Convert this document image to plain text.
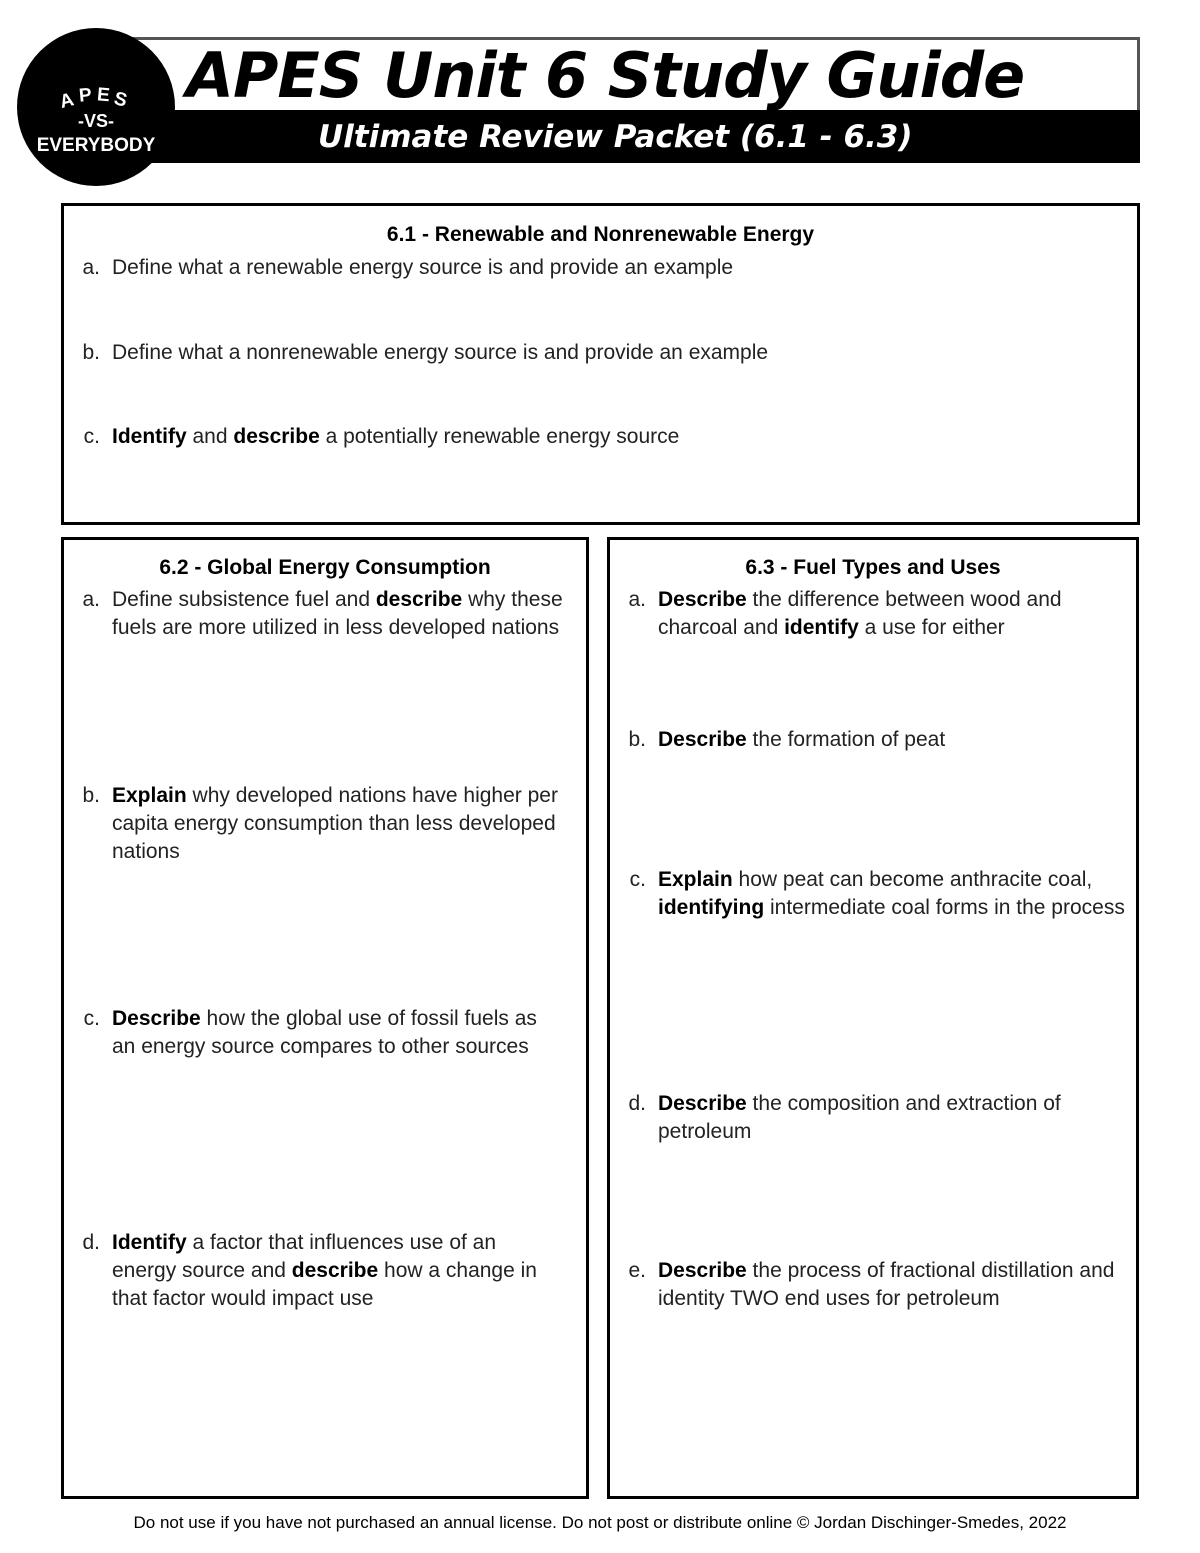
APES
-VS-
EVERYBODY
APES Unit 6 Study Guide
Ultimate Review Packet (6.1 - 6.3)
6.1 - Renewable and Nonrenewable Energy
a. Define what a renewable energy source is and provide an example
b. Define what a nonrenewable energy source is and provide an example
c. Identify and describe a potentially renewable energy source
6.2 - Global Energy Consumption
a. Define subsistence fuel and describe why these fuels are more utilized in less developed nations
b. Explain why developed nations have higher per capita energy consumption than less developed nations
c. Describe how the global use of fossil fuels as an energy source compares to other sources
d. Identify a factor that influences use of an energy source and describe how a change in that factor would impact use
6.3 - Fuel Types and Uses
a. Describe the difference between wood and charcoal and identify a use for either
b. Describe the formation of peat
c. Explain how peat can become anthracite coal, identifying intermediate coal forms in the process
d. Describe the composition and extraction of petroleum
e. Describe the process of fractional distillation and identity TWO end uses for petroleum
Do not use if you have not purchased an annual license. Do not post or distribute online © Jordan Dischinger-Smedes, 2022
